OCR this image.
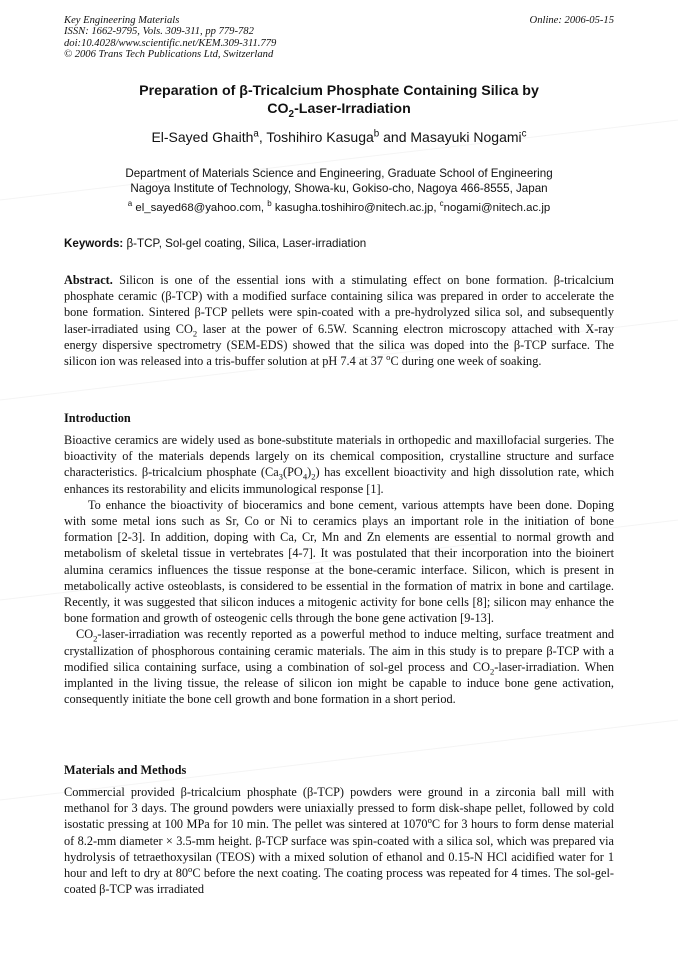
Key Engineering Materials
ISSN: 1662-9795, Vols. 309-311, pp 779-782
doi:10.4028/www.scientific.net/KEM.309-311.779
© 2006 Trans Tech Publications Ltd, Switzerland
Online: 2006-05-15
Preparation of β-Tricalcium Phosphate Containing Silica by
$CO_2-Laser$-Irradiation
El-Sayed Ghaith$^a$, Toshihiro Kasuga$^b$ and Masayuki Nogami$^c$
Department of Materials Science and Engineering, Graduate School of Engineering
Nagoya Institute of Technology, Showa-ku, Gokiso-cho, Nagoya 466-8555, Japan
$^a$ el_sayed68@yahoo.com, $^b$ kasugha.toshihiro@nitech.ac.jp, $^c$nogami@nitech.ac.jp
Keywords: β-TCP, Sol-gel coating, Silica, Laser-irradiation

Abstract. Silicon is one of the essential ions with a stimulating effect on bone formation. β-tricalcium phosphate ceramic (β-TCP) with a modified surface containing silica was prepared in order to accelerate the bone formation. Sintered β-TCP pellets were spin-coated with a pre-hydrolyzed silica sol, and subsequently laser-irradiated using $CO_2$ laser at the power of 6.5W. Scanning electron microscopy attached with X-ray energy dispersive spectrometry (SEM-EDS) showed that the silica was doped into the β-TCP surface. The silicon ion was released into a tris-buffer solution at pH 7.4 at 37 $^o$C during one week of soaking.

Introduction

Bioactive ceramics are widely used as bone-substitute materials in orthopedic and maxillofacial surgeries. The bioactivity of the materials depends largely on its chemical composition, crystalline structure and surface characteristics. β-tricalcium phosphate $(Ca_3(PO_4)_2)$ has excellent bioactivity and high dissolution rate, which enhances its restorability and elicits immunological response [1].

To enhance the bioactivity of bioceramics and bone cement, various attempts have been done. Doping with some metal ions such as Sr, Co or Ni to ceramics plays an important role in the initiation of bone formation [2-3]. In addition, doping with Ca, Cr, Mn and Zn elements are essential to normal growth and metabolism of skeletal tissue in vertebrates [4-7]. It was postulated that their incorporation into the bioinert alumina ceramics influences the tissue response at the bone-ceramic interface. Silicon, which is present in metabolically active osteoblasts, is considered to be essential in the formation of matrix in bone and cartilage. Recently, it was suggested that silicon induces a mitogenic activity for bone cells [8]; silicon may enhance the bone formation and growth of osteogenic cells through the bone gene activation [9-13].

$CO_2-laser$-irradiation was recently reported as a powerful method to induce melting, surface treatment and crystallization of phosphorous containing ceramic materials. The aim in this study is to prepare β-TCP with a modified silica containing surface, using a combination of sol-gel process and $CO_2-laser$-irradiation. When implanted in the living tissue, the release of silicon ion might be capable to induce bone gene activation, consequently initiate the bone cell growth and bone formation in a short period.

Materials and Methods

Commercial provided β-tricalcium phosphate (β-TCP) powders were ground in a zirconia ball mill with methanol for 3 days. The ground powders were uniaxially pressed to form disk-shape pellet, followed by cold isostatic pressing at 100 MPa for 10 min. The pellet was sintered at 1070$^o$C for 3 hours to form dense material of 8.2-mm diameter × 3.5-mm height. β-TCP surface was spin-coated with a silica sol, which was prepared via hydrolysis of tetraethoxysilan (TEOS) with a mixed solution of ethanol and 0.15-N HCl acidified water for 1 hour and left to dry at 80$^o$C before the next coating. The coating process was repeated for 4 times. The sol-gel-coated β-TCP was irradiated
